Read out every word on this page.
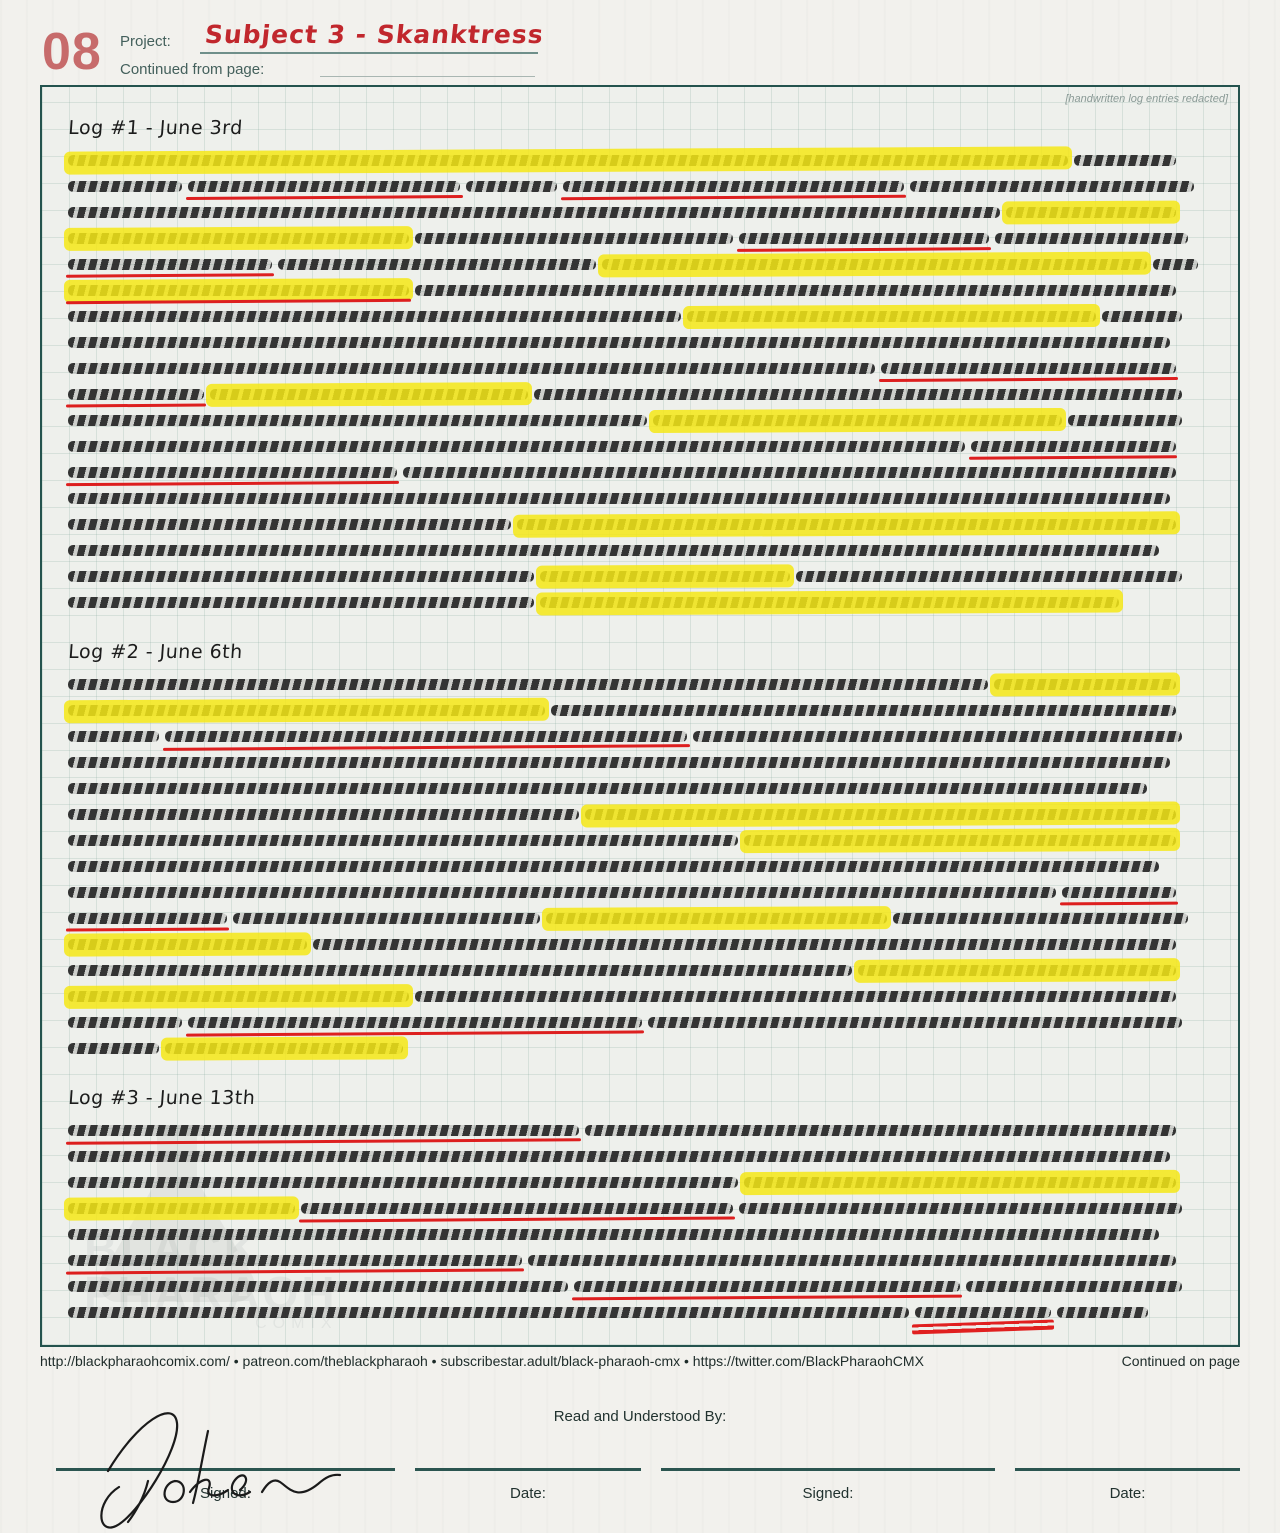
08 Project: Subject 3 - Skanktress
Continued from page:
[handwritten log entries redacted]
Log #1 - June 3rd
Log #2 - June 6th
Log #3 - June 13th
COMIX
http://blackpharaohcomix.com/ • patreon.com/theblackpharaoh • subscribestar.adult/black-pharaoh-cmx • https://twitter.com/BlackPharaohCMX	Continued on page
Read and Understood By:
Signed:	Date:	Signed:	Date:
